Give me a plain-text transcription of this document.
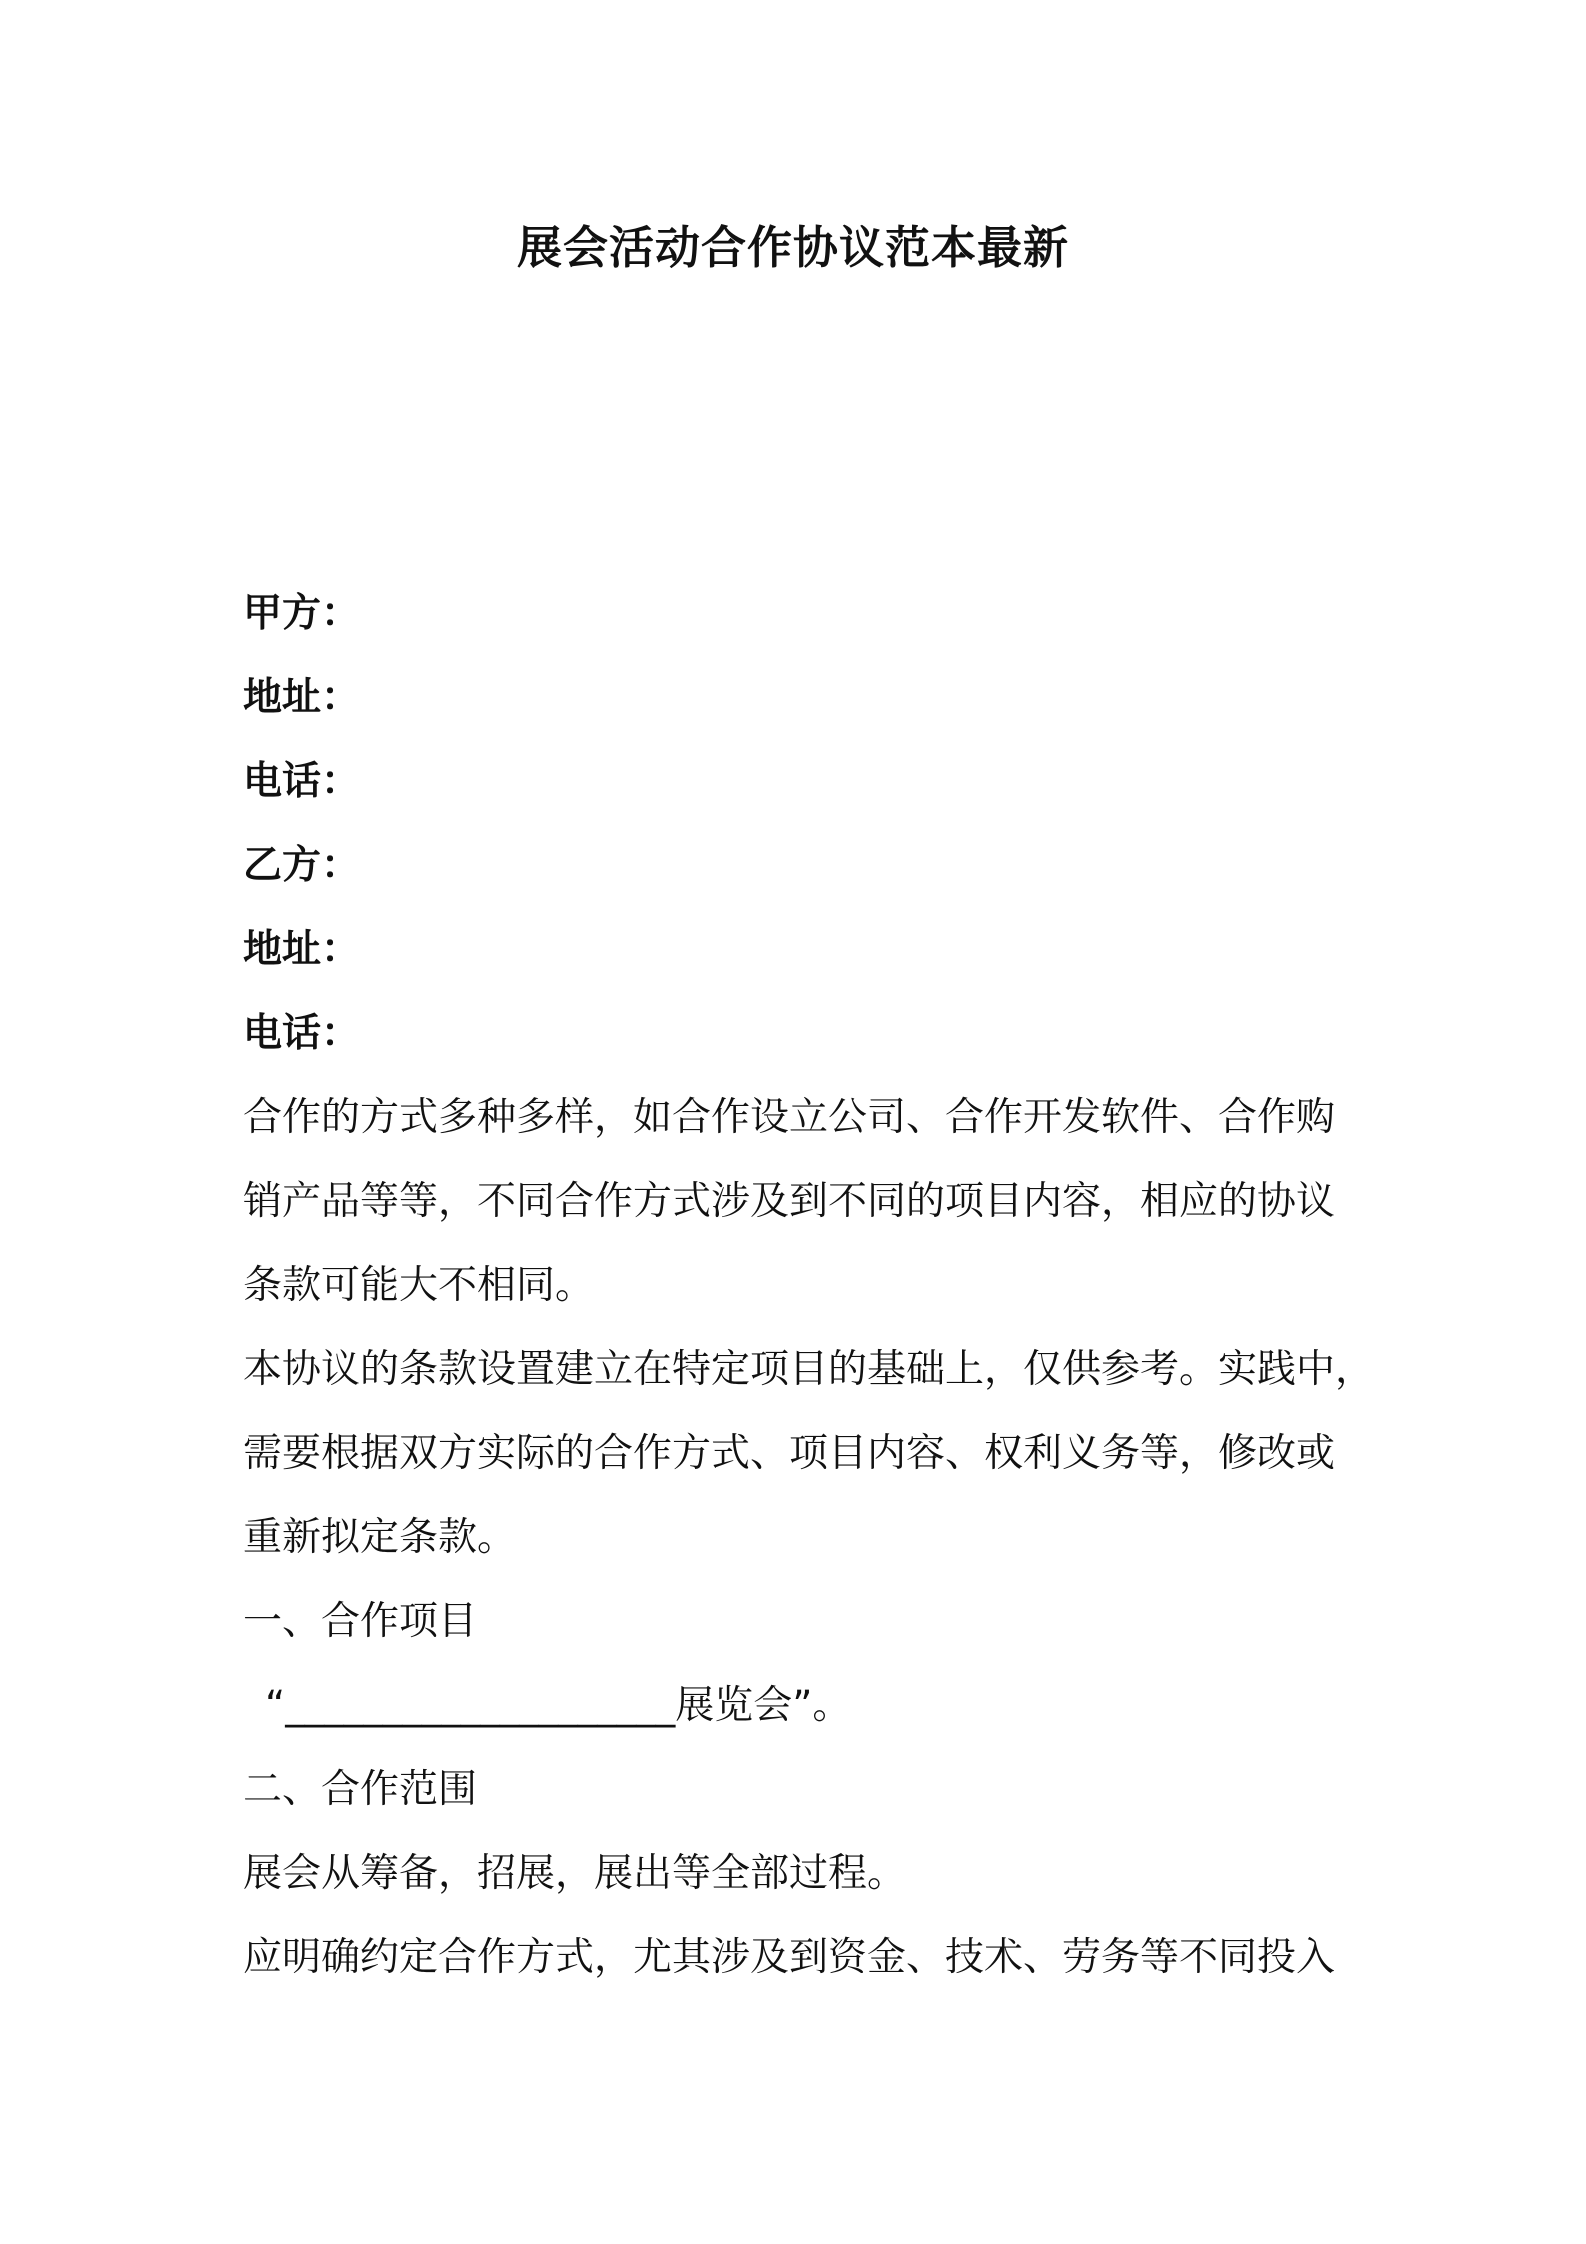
展会活动合作协议范本最新
甲方：
地址：
电话：
乙方：
地址：
电话：
合作的方式多种多样，如合作设立公司、合作开发软件、合作购
销产品等等，不同合作方式涉及到不同的项目内容，相应的协议
条款可能大不相同。
本协议的条款设置建立在特定项目的基础上，仅供参考。实践中，
需要根据双方实际的合作方式、项目内容、权利义务等，修改或
重新拟定条款。
一、合作项目
“____________________展览会”。
二、合作范围
展会从筹备，招展，展出等全部过程。
应明确约定合作方式，尤其涉及到资金、技术、劳务等不同投入
